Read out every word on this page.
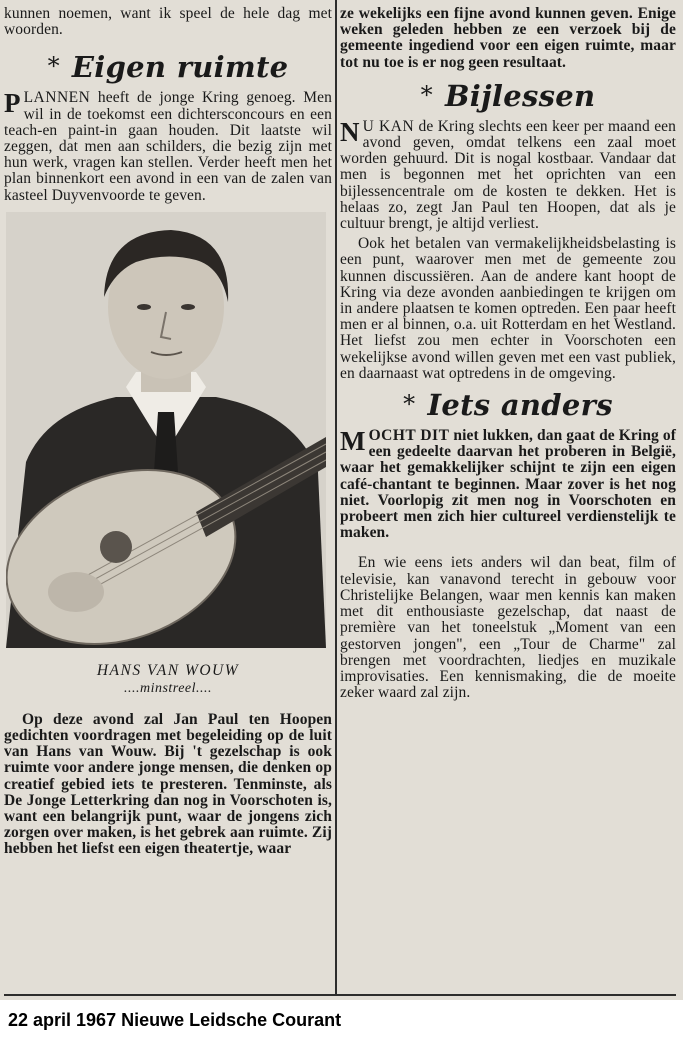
kunnen noemen, want ik speel de hele dag met woorden.

* Eigen ruimte

PLANNEN heeft de jonge Kring genoeg. Men wil in de toekomst een dichtersconcours en een teach-en paint-in gaan houden. Dit laatste wil zeggen, dat men aan schilders, die bezig zijn met hun werk, vragen kan stellen. Verder heeft men het plan binnenkort een avond in een van de zalen van kasteel Duyvenvoorde te geven.

HANS VAN WOUW
....minstreel....

Op deze avond zal Jan Paul ten Hoopen gedichten voordragen met begeleiding op de luit van Hans van Wouw. Bij 't gezelschap is ook ruimte voor andere jonge mensen, die denken op creatief gebied iets te presteren. Tenminste, als De Jonge Letterkring dan nog in Voorschoten is, want een belangrijk punt, waar de jongens zich zorgen over maken, is het gebrek aan ruimte. Zij hebben het liefst een eigen theatertje, waar

ze wekelijks een fijne avond kunnen geven. Enige weken geleden hebben ze een verzoek bij de gemeente ingediend voor een eigen ruimte, maar tot nu toe is er nog geen resultaat.

* Bijlessen

N U KAN de Kring slechts een keer per maand een avond geven, omdat telkens een zaal moet worden gehuurd. Dit is nogal kostbaar. Vandaar dat men is begonnen met het oprichten van een bijlessencentrale om de kosten te dekken. Het is helaas zo, zegt Jan Paul ten Hoopen, dat als je cultuur brengt, je altijd verliest.

Ook het betalen van vermakelijkheidsbelasting is een punt, waarover men met de gemeente zou kunnen discussiëren. Aan de andere kant hoopt de Kring via deze avonden aanbiedingen te krijgen om in andere plaatsen te komen optreden. Een paar heeft men er al binnen, o.a. uit Rotterdam en het Westland. Het liefst zou men echter in Voorschoten een wekelijkse avond willen geven met een vast publiek, en daarnaast wat optredens in de omgeving.

* Iets anders

MOCHT DIT niet lukken, dan gaat de Kring of een gedeelte daarvan het proberen in België, waar het gemakkelijker schijnt te zijn een eigen café-chantant te beginnen. Maar zover is het nog niet. Voorlopig zit men nog in Voorschoten en probeert men zich hier cultureel verdienstelijk te maken.

En wie eens iets anders wil dan beat, film of televisie, kan vanavond terecht in gebouw voor Christelijke Belangen, waar men kennis kan maken met dit enthousiaste gezelschap, dat naast de première van het toneelstuk „Moment van een gestorven jongen", een „Tour de Charme" zal brengen met voordrachten, liedjes en muzikale improvisaties. Een kennismaking, die de moeite zeker waard zal zijn.

22 april 1967 Nieuwe Leidsche Courant
